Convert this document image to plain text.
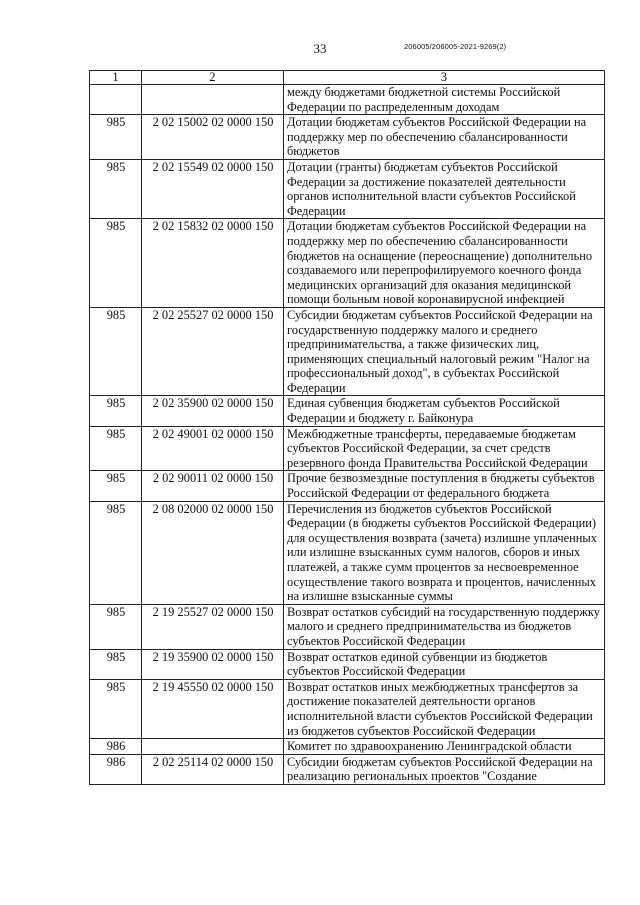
33	206005/206005-2021-9269(2)
1	2	3
		между бюджетами бюджетной системы Российской Федерации по распределенным доходам
985	2 02 15002 02 0000 150	Дотации бюджетам субъектов Российской Федерации на поддержку мер по обеспечению сбалансированности бюджетов
985	2 02 15549 02 0000 150	Дотации (гранты) бюджетам субъектов Российской Федерации за достижение показателей деятельности органов исполнительной власти субъектов Российской Федерации
985	2 02 15832 02 0000 150	Дотации бюджетам субъектов Российской Федерации на поддержку мер по обеспечению сбалансированности бюджетов на оснащение (переоснащение) дополнительно создаваемого или перепрофилируемого коечного фонда медицинских организаций для оказания медицинской помощи больным новой коронавирусной инфекцией
985	2 02 25527 02 0000 150	Субсидии бюджетам субъектов Российской Федерации на государственную поддержку малого и среднего предпринимательства, а также физических лиц, применяющих специальный налоговый режим "Налог на профессиональный доход", в субъектах Российской Федерации
985	2 02 35900 02 0000 150	Единая субвенция бюджетам субъектов Российской Федерации и бюджету г. Байконура
985	2 02 49001 02 0000 150	Межбюджетные трансферты, передаваемые бюджетам субъектов Российской Федерации, за счет средств резервного фонда Правительства Российской Федерации
985	2 02 90011 02 0000 150	Прочие безвозмездные поступления в бюджеты субъектов Российской Федерации от федерального бюджета
985	2 08 02000 02 0000 150	Перечисления из бюджетов субъектов Российской Федерации (в бюджеты субъектов Российской Федерации) для осуществления возврата (зачета) излишне уплаченных или излишне взысканных сумм налогов, сборов и иных платежей, а также сумм процентов за несвоевременное осуществление такого возврата и процентов, начисленных на излишне взысканные суммы
985	2 19 25527 02 0000 150	Возврат остатков субсидий на государственную поддержку малого и среднего предпринимательства из бюджетов субъектов Российской Федерации
985	2 19 35900 02 0000 150	Возврат остатков единой субвенции из бюджетов субъектов Российской Федерации
985	2 19 45550 02 0000 150	Возврат остатков иных межбюджетных трансфертов за достижение показателей деятельности органов исполнительной власти субъектов Российской Федерации из бюджетов субъектов Российской Федерации
986		Комитет по здравоохранению Ленинградской области
986	2 02 25114 02 0000 150	Субсидии бюджетам субъектов Российской Федерации на реализацию региональных проектов "Создание
